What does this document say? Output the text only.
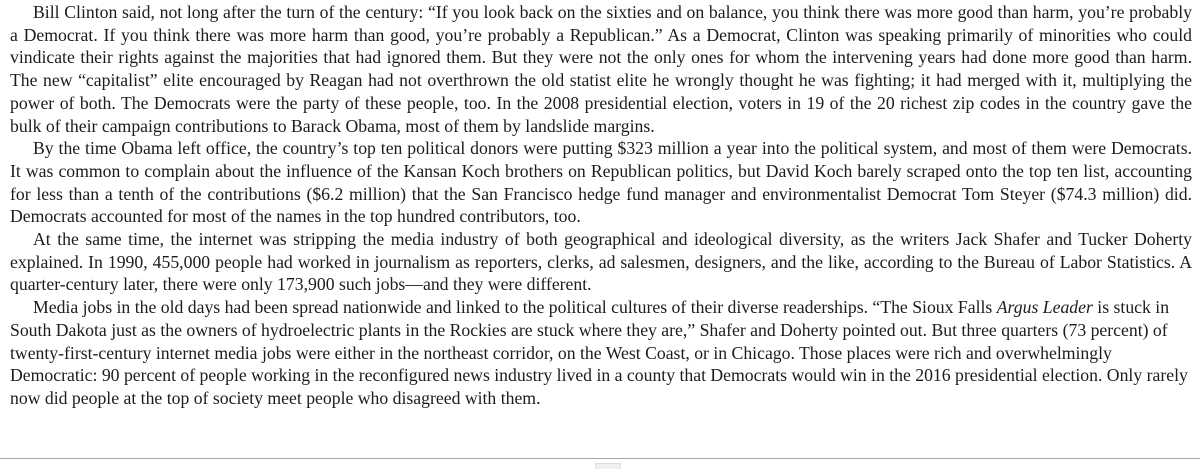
Bill Clinton said, not long after the turn of the century: “If you look back on the sixties and on balance, you think there was more good than harm, you’re probably a Democrat. If you think there was more harm than good, you’re probably a Republican.” As a Democrat, Clinton was speaking primarily of minorities who could vindicate their rights against the majorities that had ignored them. But they were not the only ones for whom the intervening years had done more good than harm. The new “capitalist” elite encouraged by Reagan had not overthrown the old statist elite he wrongly thought he was fighting; it had merged with it, multiplying the power of both. The Democrats were the party of these people, too. In the 2008 presidential election, voters in 19 of the 20 richest zip codes in the country gave the bulk of their campaign contributions to Barack Obama, most of them by landslide margins.

By the time Obama left office, the country’s top ten political donors were putting $323 million a year into the political system, and most of them were Democrats. It was common to complain about the influence of the Kansan Koch brothers on Republican politics, but David Koch barely scraped onto the top ten list, accounting for less than a tenth of the contributions ($6.2 million) that the San Francisco hedge fund manager and environmentalist Democrat Tom Steyer ($74.3 million) did. Democrats accounted for most of the names in the top hundred contributors, too.

At the same time, the internet was stripping the media industry of both geographical and ideological diversity, as the writers Jack Shafer and Tucker Doherty explained. In 1990, 455,000 people had worked in journalism as reporters, clerks, ad salesmen, designers, and the like, according to the Bureau of Labor Statistics. A quarter-century later, there were only 173,900 such jobs—and they were different.

Media jobs in the old days had been spread nationwide and linked to the political cultures of their diverse readerships. “The Sioux Falls Argus Leader is stuck in South Dakota just as the owners of hydroelectric plants in the Rockies are stuck where they are,” Shafer and Doherty pointed out. But three quarters (73 percent) of twenty-first-century internet media jobs were either in the northeast corridor, on the West Coast, or in Chicago. Those places were rich and overwhelmingly Democratic: 90 percent of people working in the reconfigured news industry lived in a county that Democrats would win in the 2016 presidential election. Only rarely now did people at the top of society meet people who disagreed with them.
